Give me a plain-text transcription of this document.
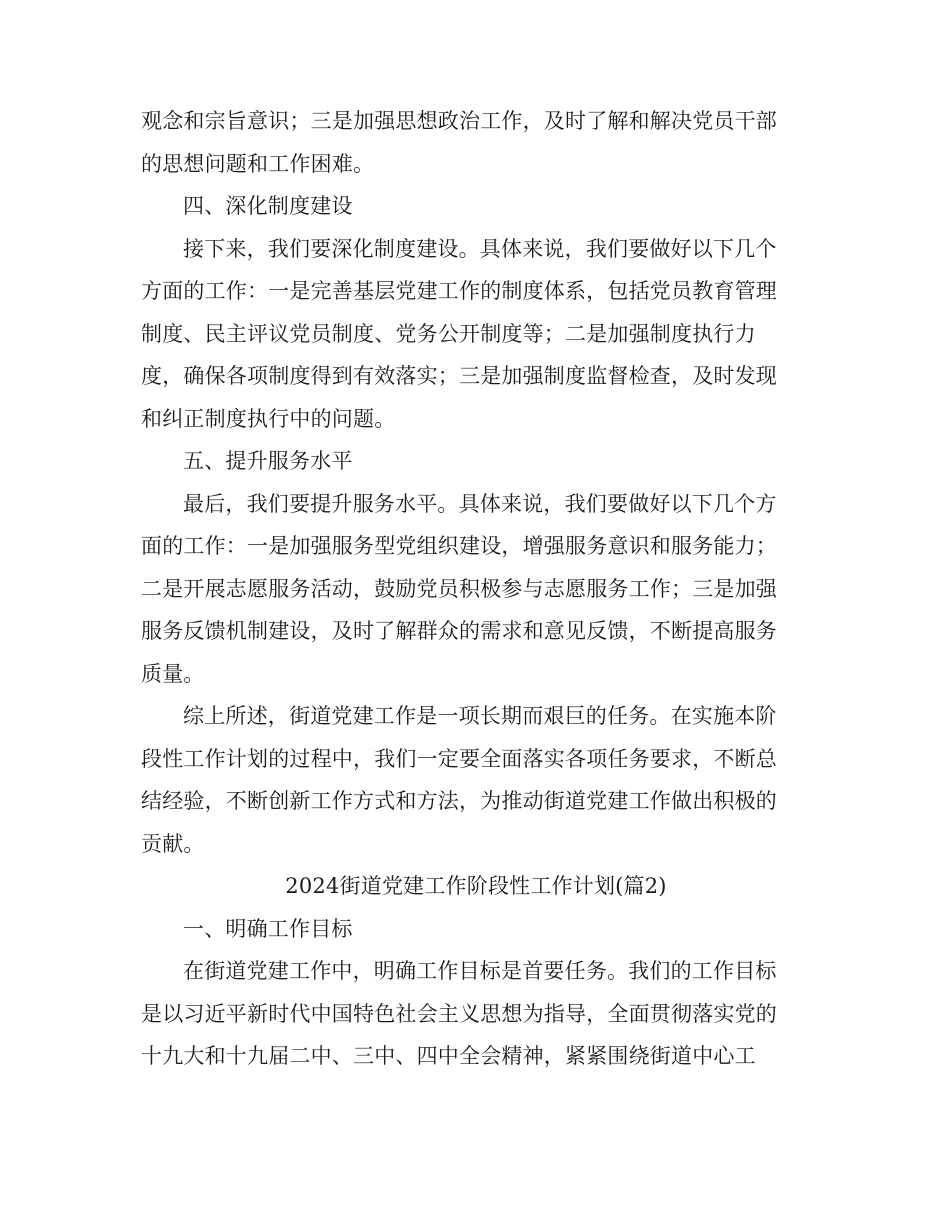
观念和宗旨意识；三是加强思想政治工作，及时了解和解决党员干部
的思想问题和工作困难。
四、深化制度建设
接下来，我们要深化制度建设。具体来说，我们要做好以下几个
方面的工作：一是完善基层党建工作的制度体系，包括党员教育管理
制度、民主评议党员制度、党务公开制度等；二是加强制度执行力
度，确保各项制度得到有效落实；三是加强制度监督检查，及时发现
和纠正制度执行中的问题。
五、提升服务水平
最后，我们要提升服务水平。具体来说，我们要做好以下几个方
面的工作：一是加强服务型党组织建设，增强服务意识和服务能力；
二是开展志愿服务活动，鼓励党员积极参与志愿服务工作；三是加强
服务反馈机制建设，及时了解群众的需求和意见反馈，不断提高服务
质量。
综上所述，街道党建工作是一项长期而艰巨的任务。在实施本阶
段性工作计划的过程中，我们一定要全面落实各项任务要求，不断总
结经验，不断创新工作方式和方法，为推动街道党建工作做出积极的
贡献。
2024街道党建工作阶段性工作计划(篇2)
一、明确工作目标
在街道党建工作中，明确工作目标是首要任务。我们的工作目标
是以习近平新时代中国特色社会主义思想为指导，全面贯彻落实党的
十九大和十九届二中、三中、四中全会精神，紧紧围绕街道中心工
